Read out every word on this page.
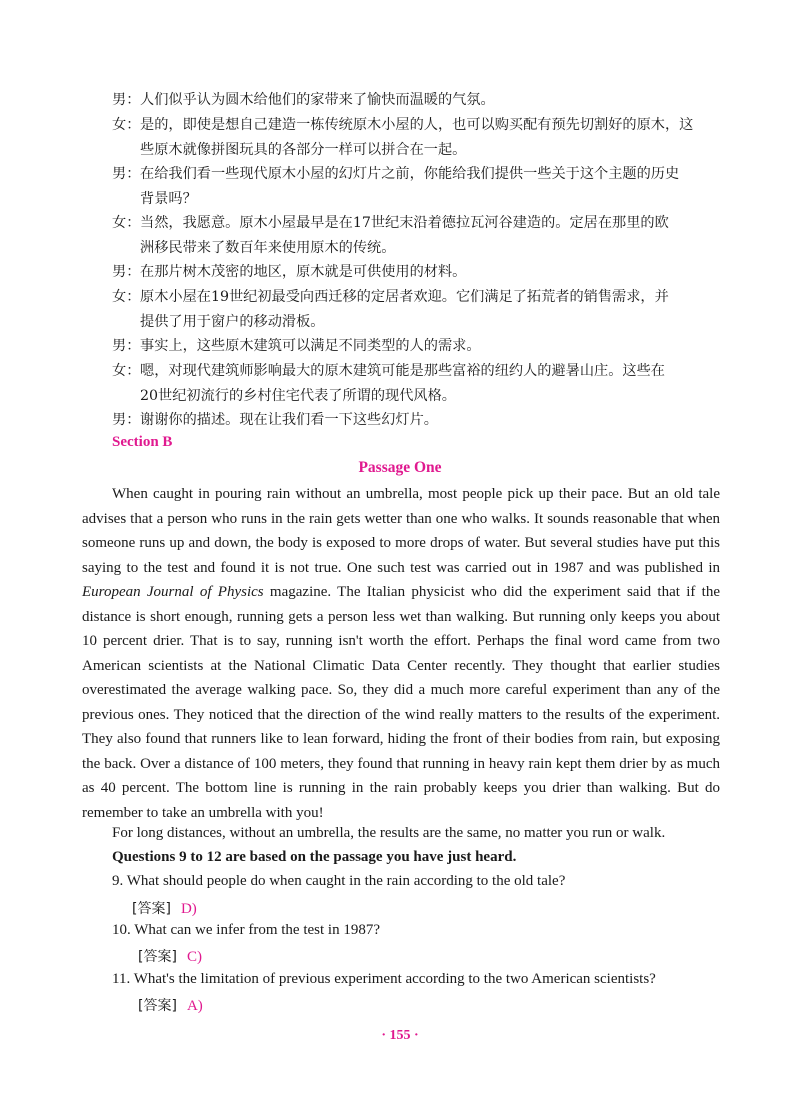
男：人们似乎认为圆木给他们的家带来了愉快而温暖的气氛。
女：是的，即使是想自己建造一栋传统原木小屋的人，也可以购买配有预先切割好的原木，这
些原木就像拼图玩具的各部分一样可以拼合在一起。
男：在给我们看一些现代原木小屋的幻灯片之前，你能给我们提供一些关于这个主题的历史
背景吗？
女：当然，我愿意。原木小屋最早是在17世纪末沿着德拉瓦河谷建造的。定居在那里的欧
洲移民带来了数百年来使用原木的传统。
男：在那片树木茂密的地区，原木就是可供使用的材料。
女：原木小屋在19世纪初最受向西迁移的定居者欢迎。它们满足了拓荒者的销售需求，并
提供了用于窗户的移动滑板。
男：事实上，这些原木建筑可以满足不同类型的人的需求。
女：嗯，对现代建筑师影响最大的原木建筑可能是那些富裕的纽约人的避暑山庄。这些在
20世纪初流行的乡村住宅代表了所谓的现代风格。
男：谢谢你的描述。现在让我们看一下这些幻灯片。
Section B
Passage One
When caught in pouring rain without an umbrella, most people pick up their pace. But an old tale advises that a person who runs in the rain gets wetter than one who walks. It sounds reasonable that when someone runs up and down, the body is exposed to more drops of water. But several studies have put this saying to the test and found it is not true. One such test was carried out in 1987 and was published in European Journal of Physics magazine. The Italian physicist who did the experiment said that if the distance is short enough, running gets a person less wet than walking. But running only keeps you about 10 percent drier. That is to say, running isn't worth the effort. Perhaps the final word came from two American scientists at the National Climatic Data Center recently. They thought that earlier studies overestimated the average walking pace. So, they did a much more careful experiment than any of the previous ones. They noticed that the direction of the wind really matters to the results of the experiment. They also found that runners like to lean forward, hiding the front of their bodies from rain, but exposing the back. Over a distance of 100 meters, they found that running in heavy rain kept them drier by as much as 40 percent. The bottom line is running in the rain probably keeps you drier than walking. But do remember to take an umbrella with you!
For long distances, without an umbrella, the results are the same, no matter you run or walk.
Questions 9 to 12 are based on the passage you have just heard.
9. What should people do when caught in the rain according to the old tale?
[答案] D)
10. What can we infer from the test in 1987?
[答案] C)
11. What's the limitation of previous experiment according to the two American scientists?
[答案] A)
· 155 ·
